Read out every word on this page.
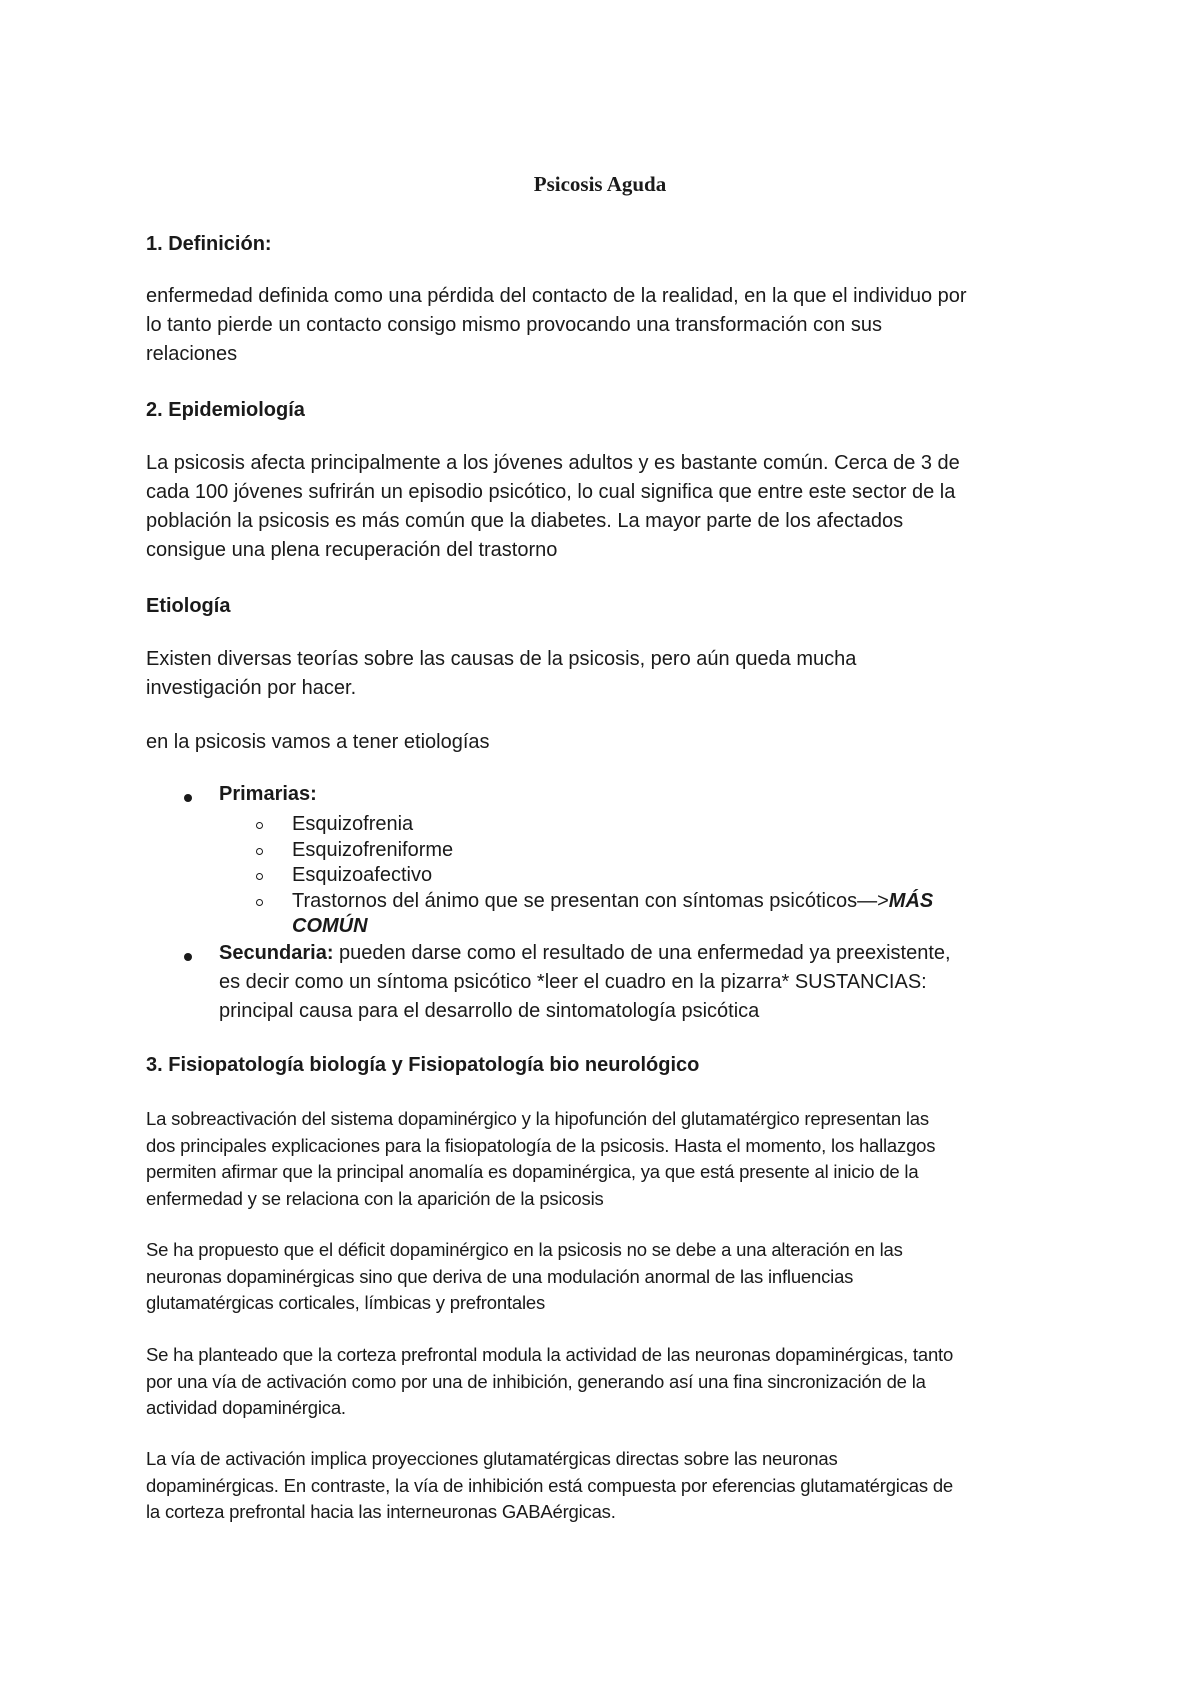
Psicosis Aguda

1. Definición:

enfermedad definida como una pérdida del contacto de la realidad, en la que el individuo por

lo tanto pierde un contacto consigo mismo provocando una transformación con sus

relaciones

2. Epidemiología

La psicosis afecta principalmente a los jóvenes adultos y es bastante común. Cerca de 3 de

cada 100 jóvenes sufrirán un episodio psicótico, lo cual significa que entre este sector de la

población la psicosis es más común que la diabetes. La mayor parte de los afectados

consigue una plena recuperación del trastorno

Etiología

Existen diversas teorías sobre las causas de la psicosis, pero aún queda mucha

investigación por hacer.

en la psicosis vamos a tener etiologías

Primarias:
Esquizofrenia
Esquizofreniforme
Esquizoafectivo
Trastornos del ánimo que se presentan con síntomas psicóticos—>MÁS
COMÚN
Secundaria: pueden darse como el resultado de una enfermedad ya preexistente,
es decir como un síntoma psicótico *leer el cuadro en la pizarra* SUSTANCIAS:
principal causa para el desarrollo de sintomatología psicótica

3. Fisiopatología biología y Fisiopatología bio neurológico

La sobreactivación del sistema dopaminérgico y la hipofunción del glutamatérgico representan las

dos principales explicaciones para la fisiopatología de la psicosis. Hasta el momento, los hallazgos

permiten afirmar que la principal anomalía es dopaminérgica, ya que está presente al inicio de la

enfermedad y se relaciona con la aparición de la psicosis

Se ha propuesto que el déficit dopaminérgico en la psicosis no se debe a una alteración en las

neuronas dopaminérgicas sino que deriva de una modulación anormal de las influencias

glutamatérgicas corticales, límbicas y prefrontales

Se ha planteado que la corteza prefrontal modula la actividad de las neuronas dopaminérgicas, tanto

por una vía de activación como por una de inhibición, generando así una fina sincronización de la

actividad dopaminérgica.

La vía de activación implica proyecciones glutamatérgicas directas sobre las neuronas

dopaminérgicas. En contraste, la vía de inhibición está compuesta por eferencias glutamatérgicas de

la corteza prefrontal hacia las interneuronas GABAérgicas.
